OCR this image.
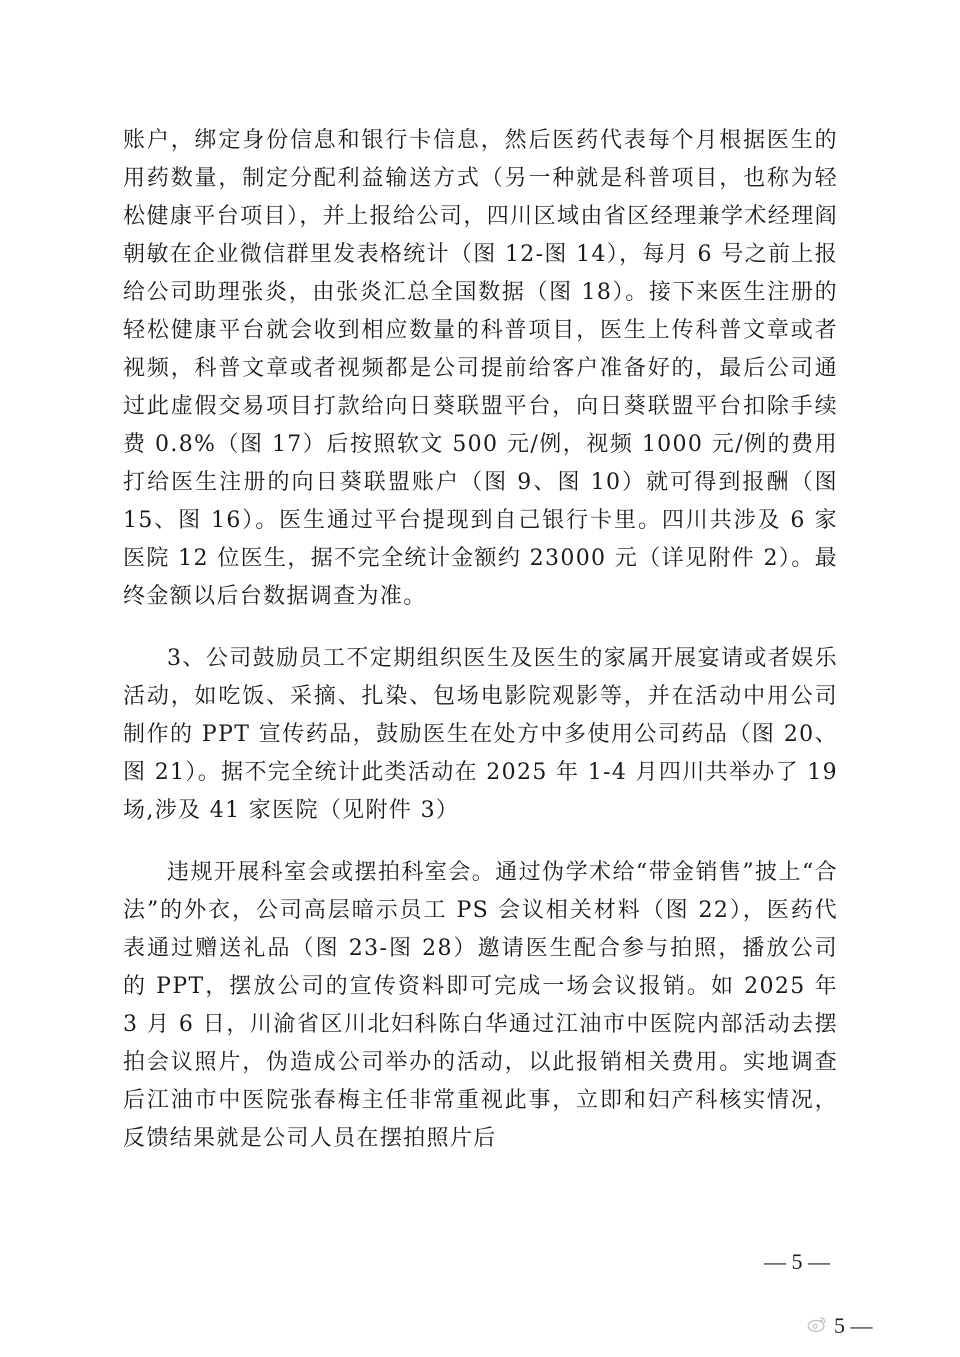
账户，绑定身份信息和银行卡信息，然后医药代表每个月根据医生的用药数量，制定分配利益输送方式（另一种就是科普项目，也称为轻松健康平台项目），并上报给公司，四川区域由省区经理兼学术经理阎朝敏在企业微信群里发表格统计（图 12-图 14），每月 6 号之前上报给公司助理张炎，由张炎汇总全国数据（图 18）。接下来医生注册的轻松健康平台就会收到相应数量的科普项目，医生上传科普文章或者视频，科普文章或者视频都是公司提前给客户准备好的，最后公司通过此虚假交易项目打款给向日葵联盟平台，向日葵联盟平台扣除手续费 0.8%（图 17）后按照软文 500 元/例，视频 1000 元/例的费用打给医生注册的向日葵联盟账户（图 9、图 10）就可得到报酬（图 15、图 16）。医生通过平台提现到自己银行卡里。四川共涉及 6 家医院 12 位医生，据不完全统计金额约 23000 元（详见附件 2）。最终金额以后台数据调查为准。

3、公司鼓励员工不定期组织医生及医生的家属开展宴请或者娱乐活动，如吃饭、采摘、扎染、包场电影院观影等，并在活动中用公司制作的 PPT 宣传药品，鼓励医生在处方中多使用公司药品（图 20、图 21）。据不完全统计此类活动在 2025 年 1-4 月四川共举办了 19 场,涉及 41 家医院（见附件 3）

违规开展科室会或摆拍科室会。通过伪学术给“带金销售”披上“合法”的外衣，公司高层暗示员工 PS 会议相关材料（图 22），医药代表通过赠送礼品（图 23-图 28）邀请医生配合参与拍照，播放公司的 PPT，摆放公司的宣传资料即可完成一场会议报销。如 2025 年 3 月 6 日，川渝省区川北妇科陈白华通过江油市中医院内部活动去摆拍会议照片，伪造成公司举办的活动，以此报销相关费用。实地调查后江油市中医院张春梅主任非常重视此事，立即和妇产科核实情况，反馈结果就是公司人员在摆拍照片后

— 5 —
5 —
